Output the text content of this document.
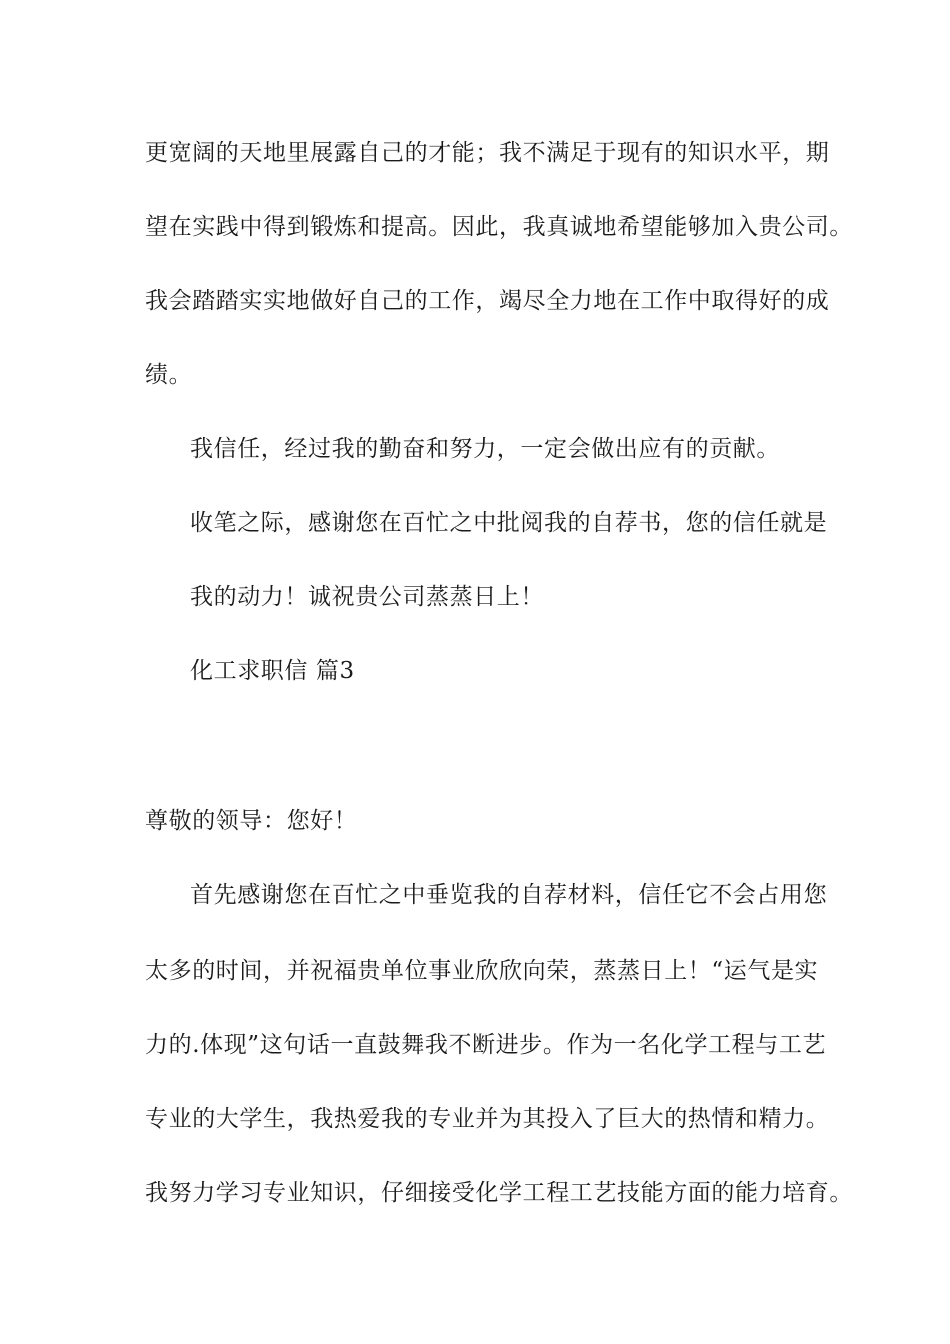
更宽阔的天地里展露自己的才能；我不满足于现有的知识水平，期
望在实践中得到锻炼和提高。因此，我真诚地希望能够加入贵公司。
我会踏踏实实地做好自己的工作，竭尽全力地在工作中取得好的成
绩。
我信任，经过我的勤奋和努力，一定会做出应有的贡献。
收笔之际，感谢您在百忙之中批阅我的自荐书，您的信任就是
我的动力！诚祝贵公司蒸蒸日上！
化工求职信 篇3
尊敬的领导：您好！
首先感谢您在百忙之中垂览我的自荐材料，信任它不会占用您
太多的时间，并祝福贵单位事业欣欣向荣，蒸蒸日上！“运气是实
力的.体现”这句话一直鼓舞我不断进步。作为一名化学工程与工艺
专业的大学生，我热爱我的专业并为其投入了巨大的热情和精力。
我努力学习专业知识，仔细接受化学工程工艺技能方面的能力培育。
